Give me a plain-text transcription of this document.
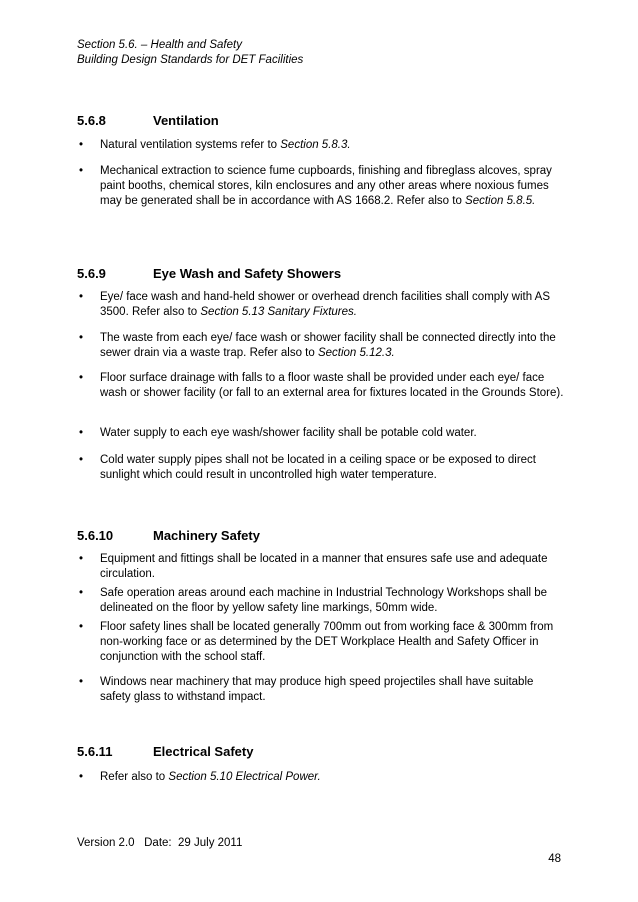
Section 5.6. – Health and Safety
Building Design Standards for DET Facilities
5.6.8	Ventilation
•	Natural ventilation systems refer to Section 5.8.3.
•	Mechanical extraction to science fume cupboards, finishing and fibreglass alcoves, spray paint booths, chemical stores, kiln enclosures and any other areas where noxious fumes may be generated shall be in accordance with AS 1668.2. Refer also to Section 5.8.5.
5.6.9	Eye Wash and Safety Showers
•	Eye/ face wash and hand-held shower or overhead drench facilities shall comply with AS 3500. Refer also to Section 5.13 Sanitary Fixtures.
•	The waste from each eye/ face wash or shower facility shall be connected directly into the sewer drain via a waste trap. Refer also to Section 5.12.3.
•	Floor surface drainage with falls to a floor waste shall be provided under each eye/ face wash or shower facility (or fall to an external area for fixtures located in the Grounds Store).
•	Water supply to each eye wash/shower facility shall be potable cold water.
•	Cold water supply pipes shall not be located in a ceiling space or be exposed to direct sunlight which could result in uncontrolled high water temperature.
5.6.10	Machinery Safety
•	Equipment and fittings shall be located in a manner that ensures safe use and adequate circulation.
•	Safe operation areas around each machine in Industrial Technology Workshops shall be delineated on the floor by yellow safety line markings, 50mm wide.
•	Floor safety lines shall be located generally 700mm out from working face & 300mm from non-working face or as determined by the DET Workplace Health and Safety Officer in conjunction with the school staff.
•	Windows near machinery that may produce high speed projectiles shall have suitable safety glass to withstand impact.
5.6.11	Electrical Safety
•	Refer also to Section 5.10 Electrical Power.
Version 2.0   Date:  29 July 2011
48
